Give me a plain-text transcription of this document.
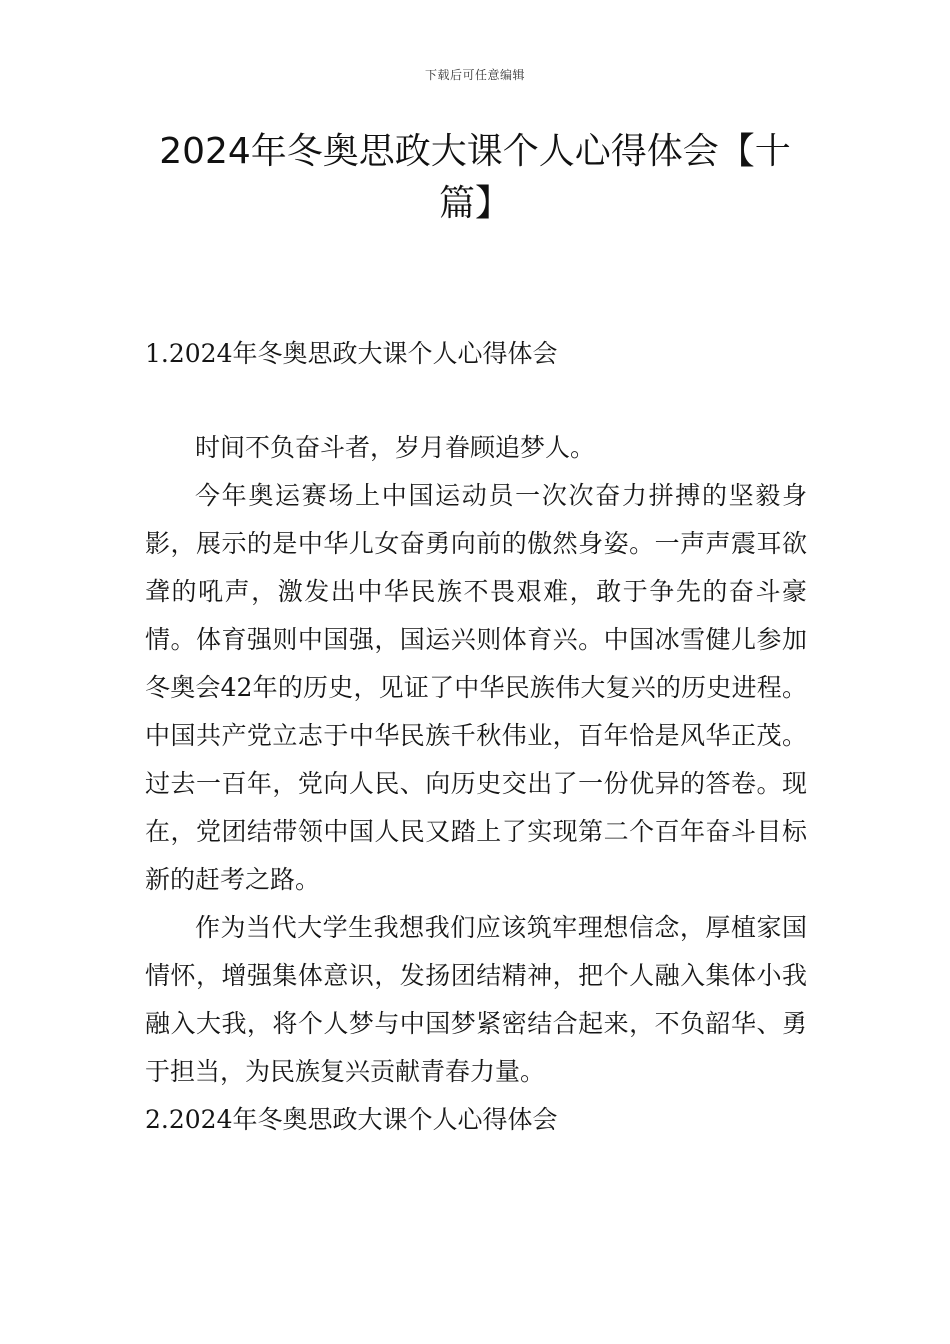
下载后可任意编辑
2024年冬奥思政大课个人心得体会【十篇】
1.2024年冬奥思政大课个人心得体会

时间不负奋斗者，岁月眷顾追梦人。

今年奥运赛场上中国运动员一次次奋力拼搏的坚毅身影，展示的是中华儿女奋勇向前的傲然身姿。一声声震耳欲聋的吼声，激发出中华民族不畏艰难，敢于争先的奋斗豪情。体育强则中国强，国运兴则体育兴。中国冰雪健儿参加冬奥会42年的历史，见证了中华民族伟大复兴的历史进程。中国共产党立志于中华民族千秋伟业，百年恰是风华正茂。过去一百年，党向人民、向历史交出了一份优异的答卷。现在，党团结带领中国人民又踏上了实现第二个百年奋斗目标新的赶考之路。

作为当代大学生我想我们应该筑牢理想信念，厚植家国情怀，增强集体意识，发扬团结精神，把个人融入集体小我融入大我，将个人梦与中国梦紧密结合起来，不负韶华、勇于担当，为民族复兴贡献青春力量。

2.2024年冬奥思政大课个人心得体会
